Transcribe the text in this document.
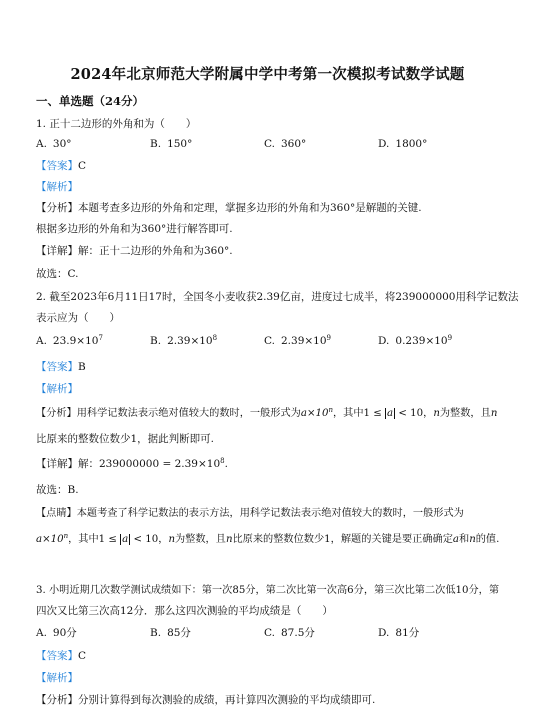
2024年北京师范大学附属中学中考第一次模拟考试数学试题
一、单选题（24分）
1. 正十二边形的外角和为（　　）
A. 30°	B. 150°	C. 360°	D. 1800°
【答案】C
【解析】
【分析】本题考查多边形的外角和定理，掌握多边形的外角和为360°是解题的关键.
根据多边形的外角和为360°进行解答即可.
【详解】解：正十二边形的外角和为360°.
故选：C.
2. 截至2023年6月11日17时，全国冬小麦收获2.39亿亩，进度过七成半，将239000000用科学记数法
表示应为（　　）
A. $23.9\times 10^7$	B. $2.39\times 10^8$	C. $2.39\times 10^9$	D. $0.239\times 10^9$
【答案】B
【解析】
【分析】用科学记数法表示绝对值较大的数时，一般形式为$a\times 10^n$，其中1 ≤ a < 10，n为整数，且n
比原来的整数位数少1，据此判断即可.
【详解】解：$239000000 = 2.39\times 10^8$.
故选：B.
【点睛】本题考查了科学记数法的表示方法，用科学记数法表示绝对值较大的数时，一般形式为
$a\times 10^n$，其中1 ≤ a < 10，n为整数，且n比原来的整数位数少1，解题的关键是要正确确定a和n的值.
3. 小明近期几次数学测试成绩如下：第一次85分，第二次比第一次高6分，第三次比第二次低10分，第
四次又比第三次高12分．那么这四次测验的平均成绩是（　　）
A. 90分	B. 85分	C. 87.5分	D. 81分
【答案】C
【解析】
【分析】分别计算得到每次测验的成绩，再计算四次测验的平均成绩即可.
